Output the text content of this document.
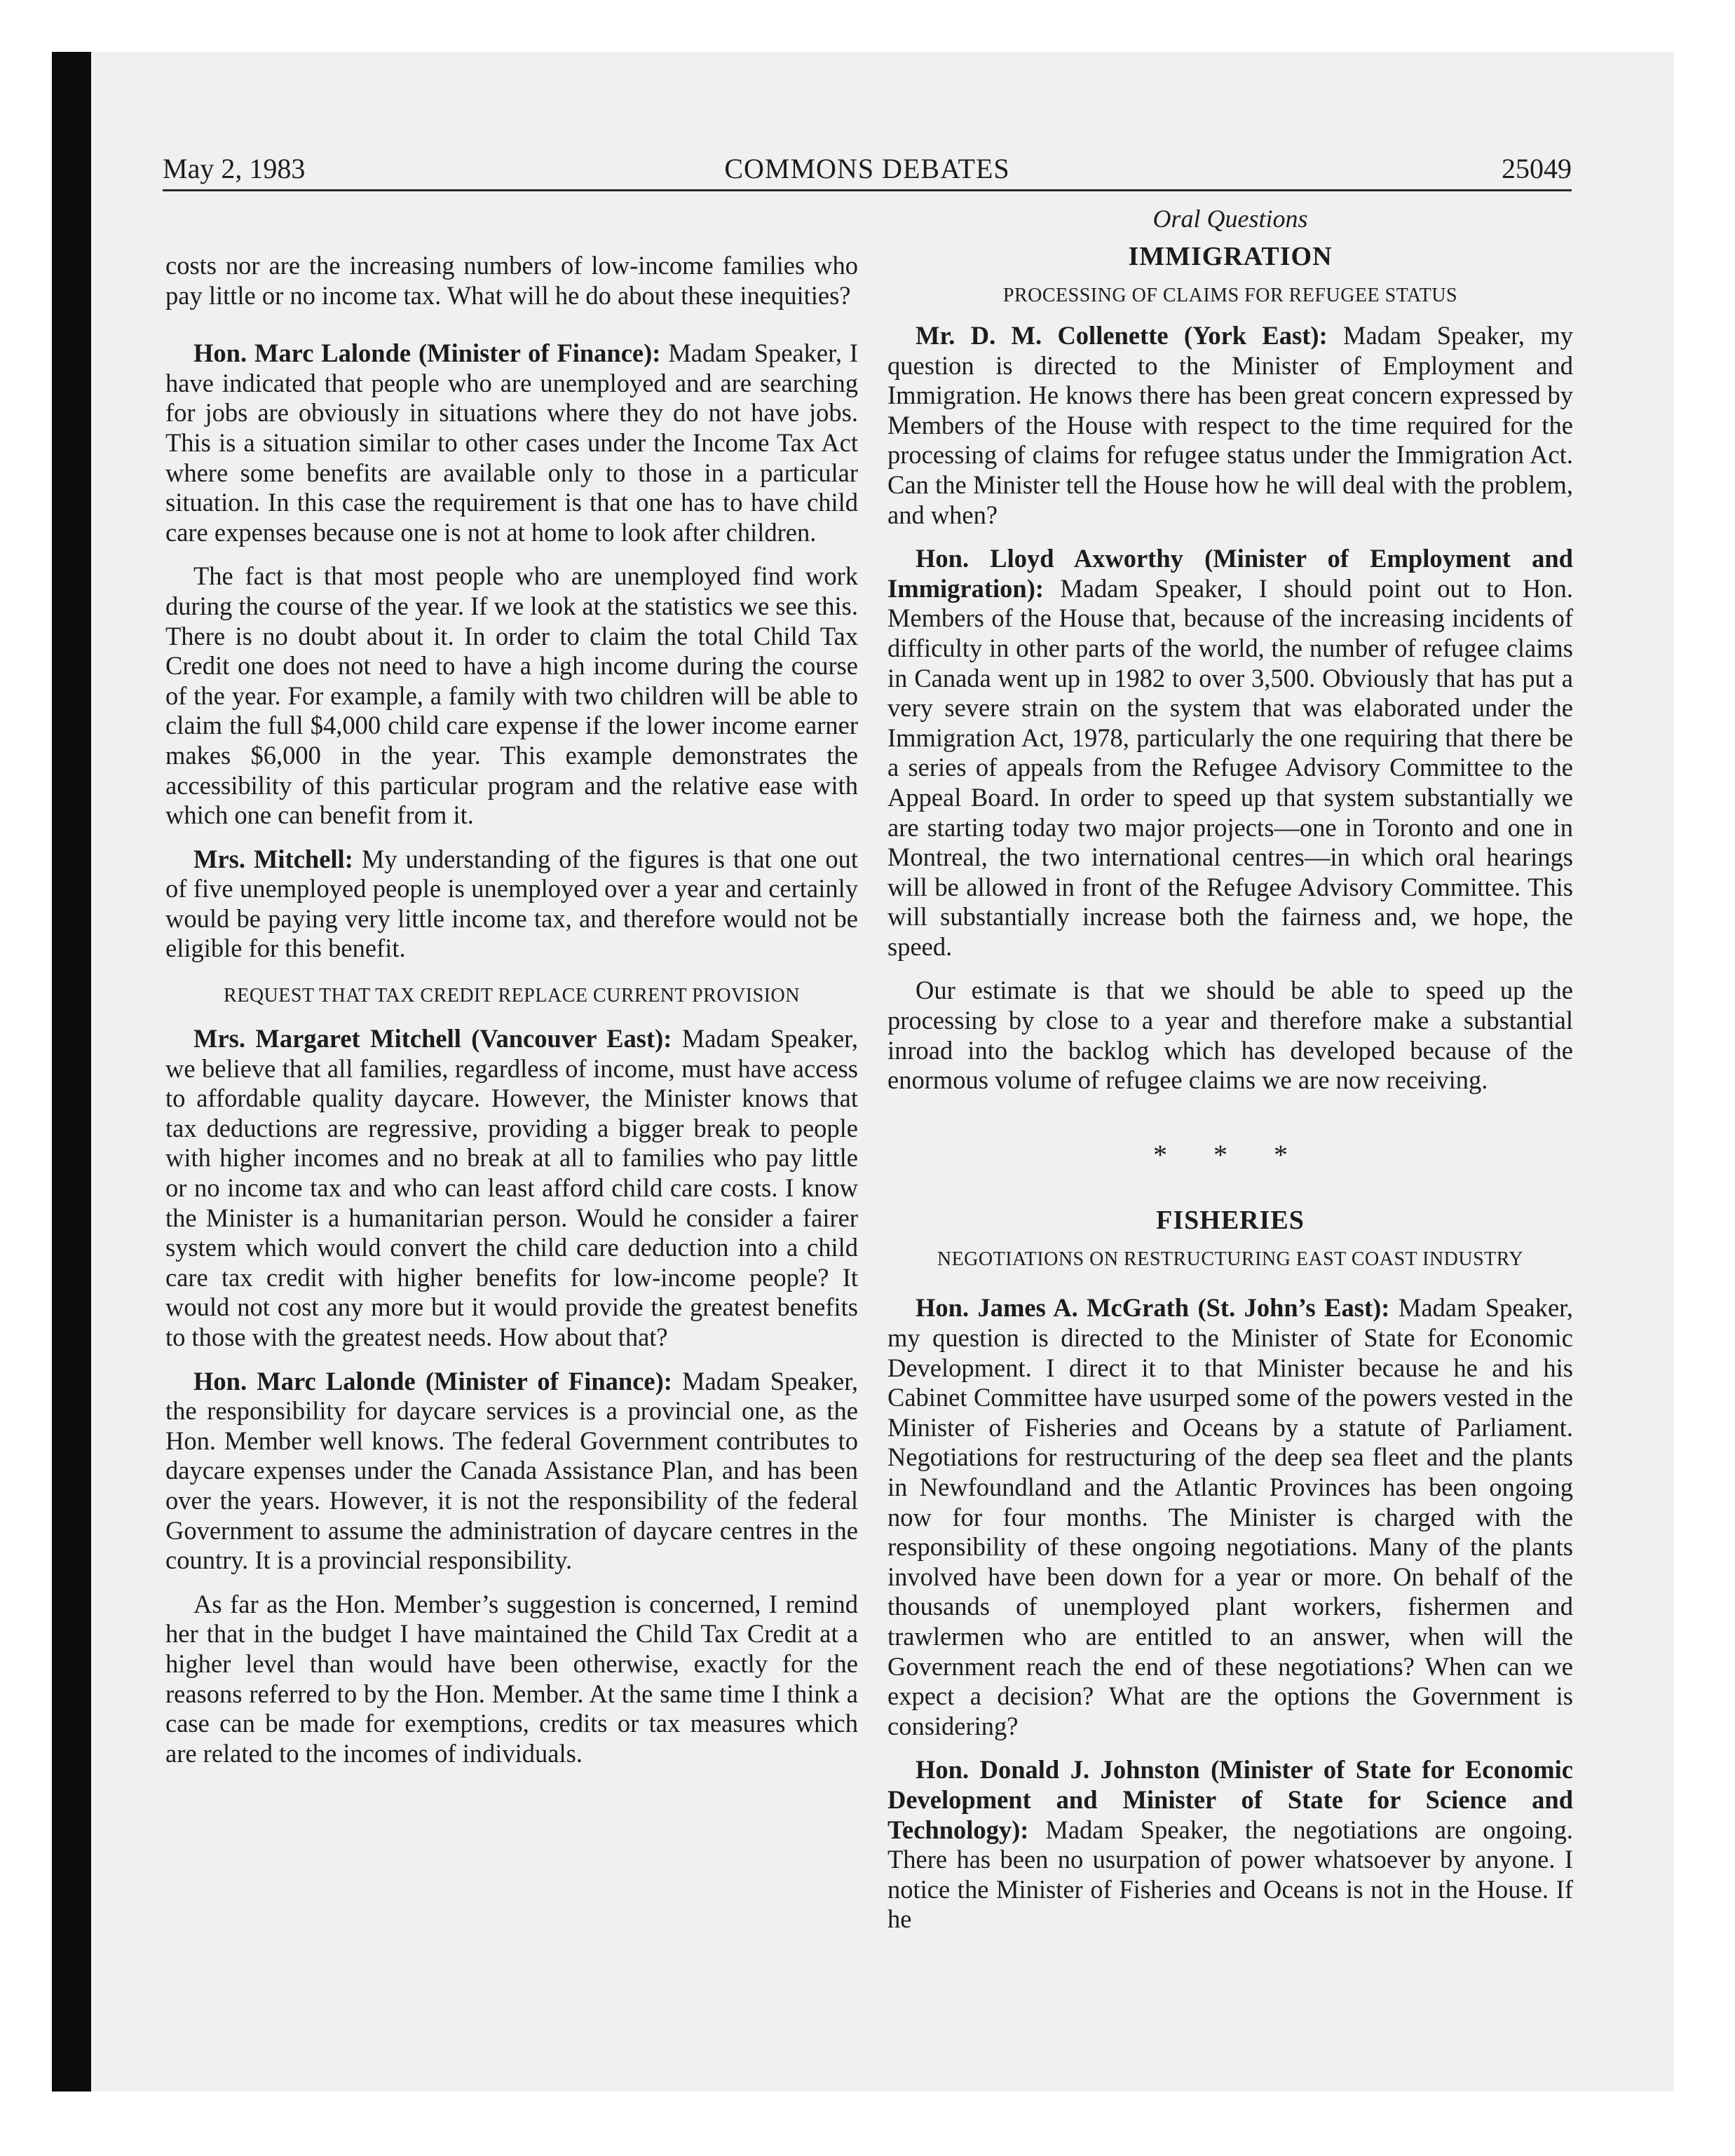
May 2, 1983	COMMONS DEBATES	25049

costs nor are the increasing numbers of low-income families who pay little or no income tax. What will he do about these inequities?

Hon. Marc Lalonde (Minister of Finance): Madam Speaker, I have indicated that people who are unemployed and are searching for jobs are obviously in situations where they do not have jobs. This is a situation similar to other cases under the Income Tax Act where some benefits are available only to those in a particular situation. In this case the requirement is that one has to have child care expenses because one is not at home to look after children.

The fact is that most people who are unemployed find work during the course of the year. If we look at the statistics we see this. There is no doubt about it. In order to claim the total Child Tax Credit one does not need to have a high income during the course of the year. For example, a family with two children will be able to claim the full $4,000 child care expense if the lower income earner makes $6,000 in the year. This example demonstrates the accessibility of this particular program and the relative ease with which one can benefit from it.

Mrs. Mitchell: My understanding of the figures is that one out of five unemployed people is unemployed over a year and certainly would be paying very little income tax, and therefore would not be eligible for this benefit.

REQUEST THAT TAX CREDIT REPLACE CURRENT PROVISION

Mrs. Margaret Mitchell (Vancouver East): Madam Speaker, we believe that all families, regardless of income, must have access to affordable quality daycare. However, the Minister knows that tax deductions are regressive, providing a bigger break to people with higher incomes and no break at all to families who pay little or no income tax and who can least afford child care costs. I know the Minister is a humanitarian person. Would he consider a fairer system which would convert the child care deduction into a child care tax credit with higher benefits for low-income people? It would not cost any more but it would provide the greatest benefits to those with the greatest needs. How about that?

Hon. Marc Lalonde (Minister of Finance): Madam Speaker, the responsibility for daycare services is a provincial one, as the Hon. Member well knows. The federal Government contributes to daycare expenses under the Canada Assistance Plan, and has been over the years. However, it is not the responsibility of the federal Government to assume the administration of daycare centres in the country. It is a provincial responsibility.

As far as the Hon. Member’s suggestion is concerned, I remind her that in the budget I have maintained the Child Tax Credit at a higher level than would have been otherwise, exactly for the reasons referred to by the Hon. Member. At the same time I think a case can be made for exemptions, credits or tax measures which are related to the incomes of individuals.

Oral Questions
IMMIGRATION
PROCESSING OF CLAIMS FOR REFUGEE STATUS

Mr. D. M. Collenette (York East): Madam Speaker, my question is directed to the Minister of Employment and Immigration. He knows there has been great concern expressed by Members of the House with respect to the time required for the processing of claims for refugee status under the Immigration Act. Can the Minister tell the House how he will deal with the problem, and when?

Hon. Lloyd Axworthy (Minister of Employment and Immigration): Madam Speaker, I should point out to Hon. Members of the House that, because of the increasing incidents of difficulty in other parts of the world, the number of refugee claims in Canada went up in 1982 to over 3,500. Obviously that has put a very severe strain on the system that was elaborated under the Immigration Act, 1978, particularly the one requiring that there be a series of appeals from the Refugee Advisory Committee to the Appeal Board. In order to speed up that system substantially we are starting today two major projects—one in Toronto and one in Montreal, the two international centres—in which oral hearings will be allowed in front of the Refugee Advisory Committee. This will substantially increase both the fairness and, we hope, the speed.

Our estimate is that we should be able to speed up the processing by close to a year and therefore make a substantial inroad into the backlog which has developed because of the enormous volume of refugee claims we are now receiving.

* * *
FISHERIES
NEGOTIATIONS ON RESTRUCTURING EAST COAST INDUSTRY

Hon. James A. McGrath (St. John’s East): Madam Speaker, my question is directed to the Minister of State for Economic Development. I direct it to that Minister because he and his Cabinet Committee have usurped some of the powers vested in the Minister of Fisheries and Oceans by a statute of Parliament. Negotiations for restructuring of the deep sea fleet and the plants in Newfoundland and the Atlantic Provinces has been ongoing now for four months. The Minister is charged with the responsibility of these ongoing negotiations. Many of the plants involved have been down for a year or more. On behalf of the thousands of unemployed plant workers, fishermen and trawlermen who are entitled to an answer, when will the Government reach the end of these negotiations? When can we expect a decision? What are the options the Government is considering?

Hon. Donald J. Johnston (Minister of State for Economic Development and Minister of State for Science and Technology): Madam Speaker, the negotiations are ongoing. There has been no usurpation of power whatsoever by anyone. I notice the Minister of Fisheries and Oceans is not in the House. If he
